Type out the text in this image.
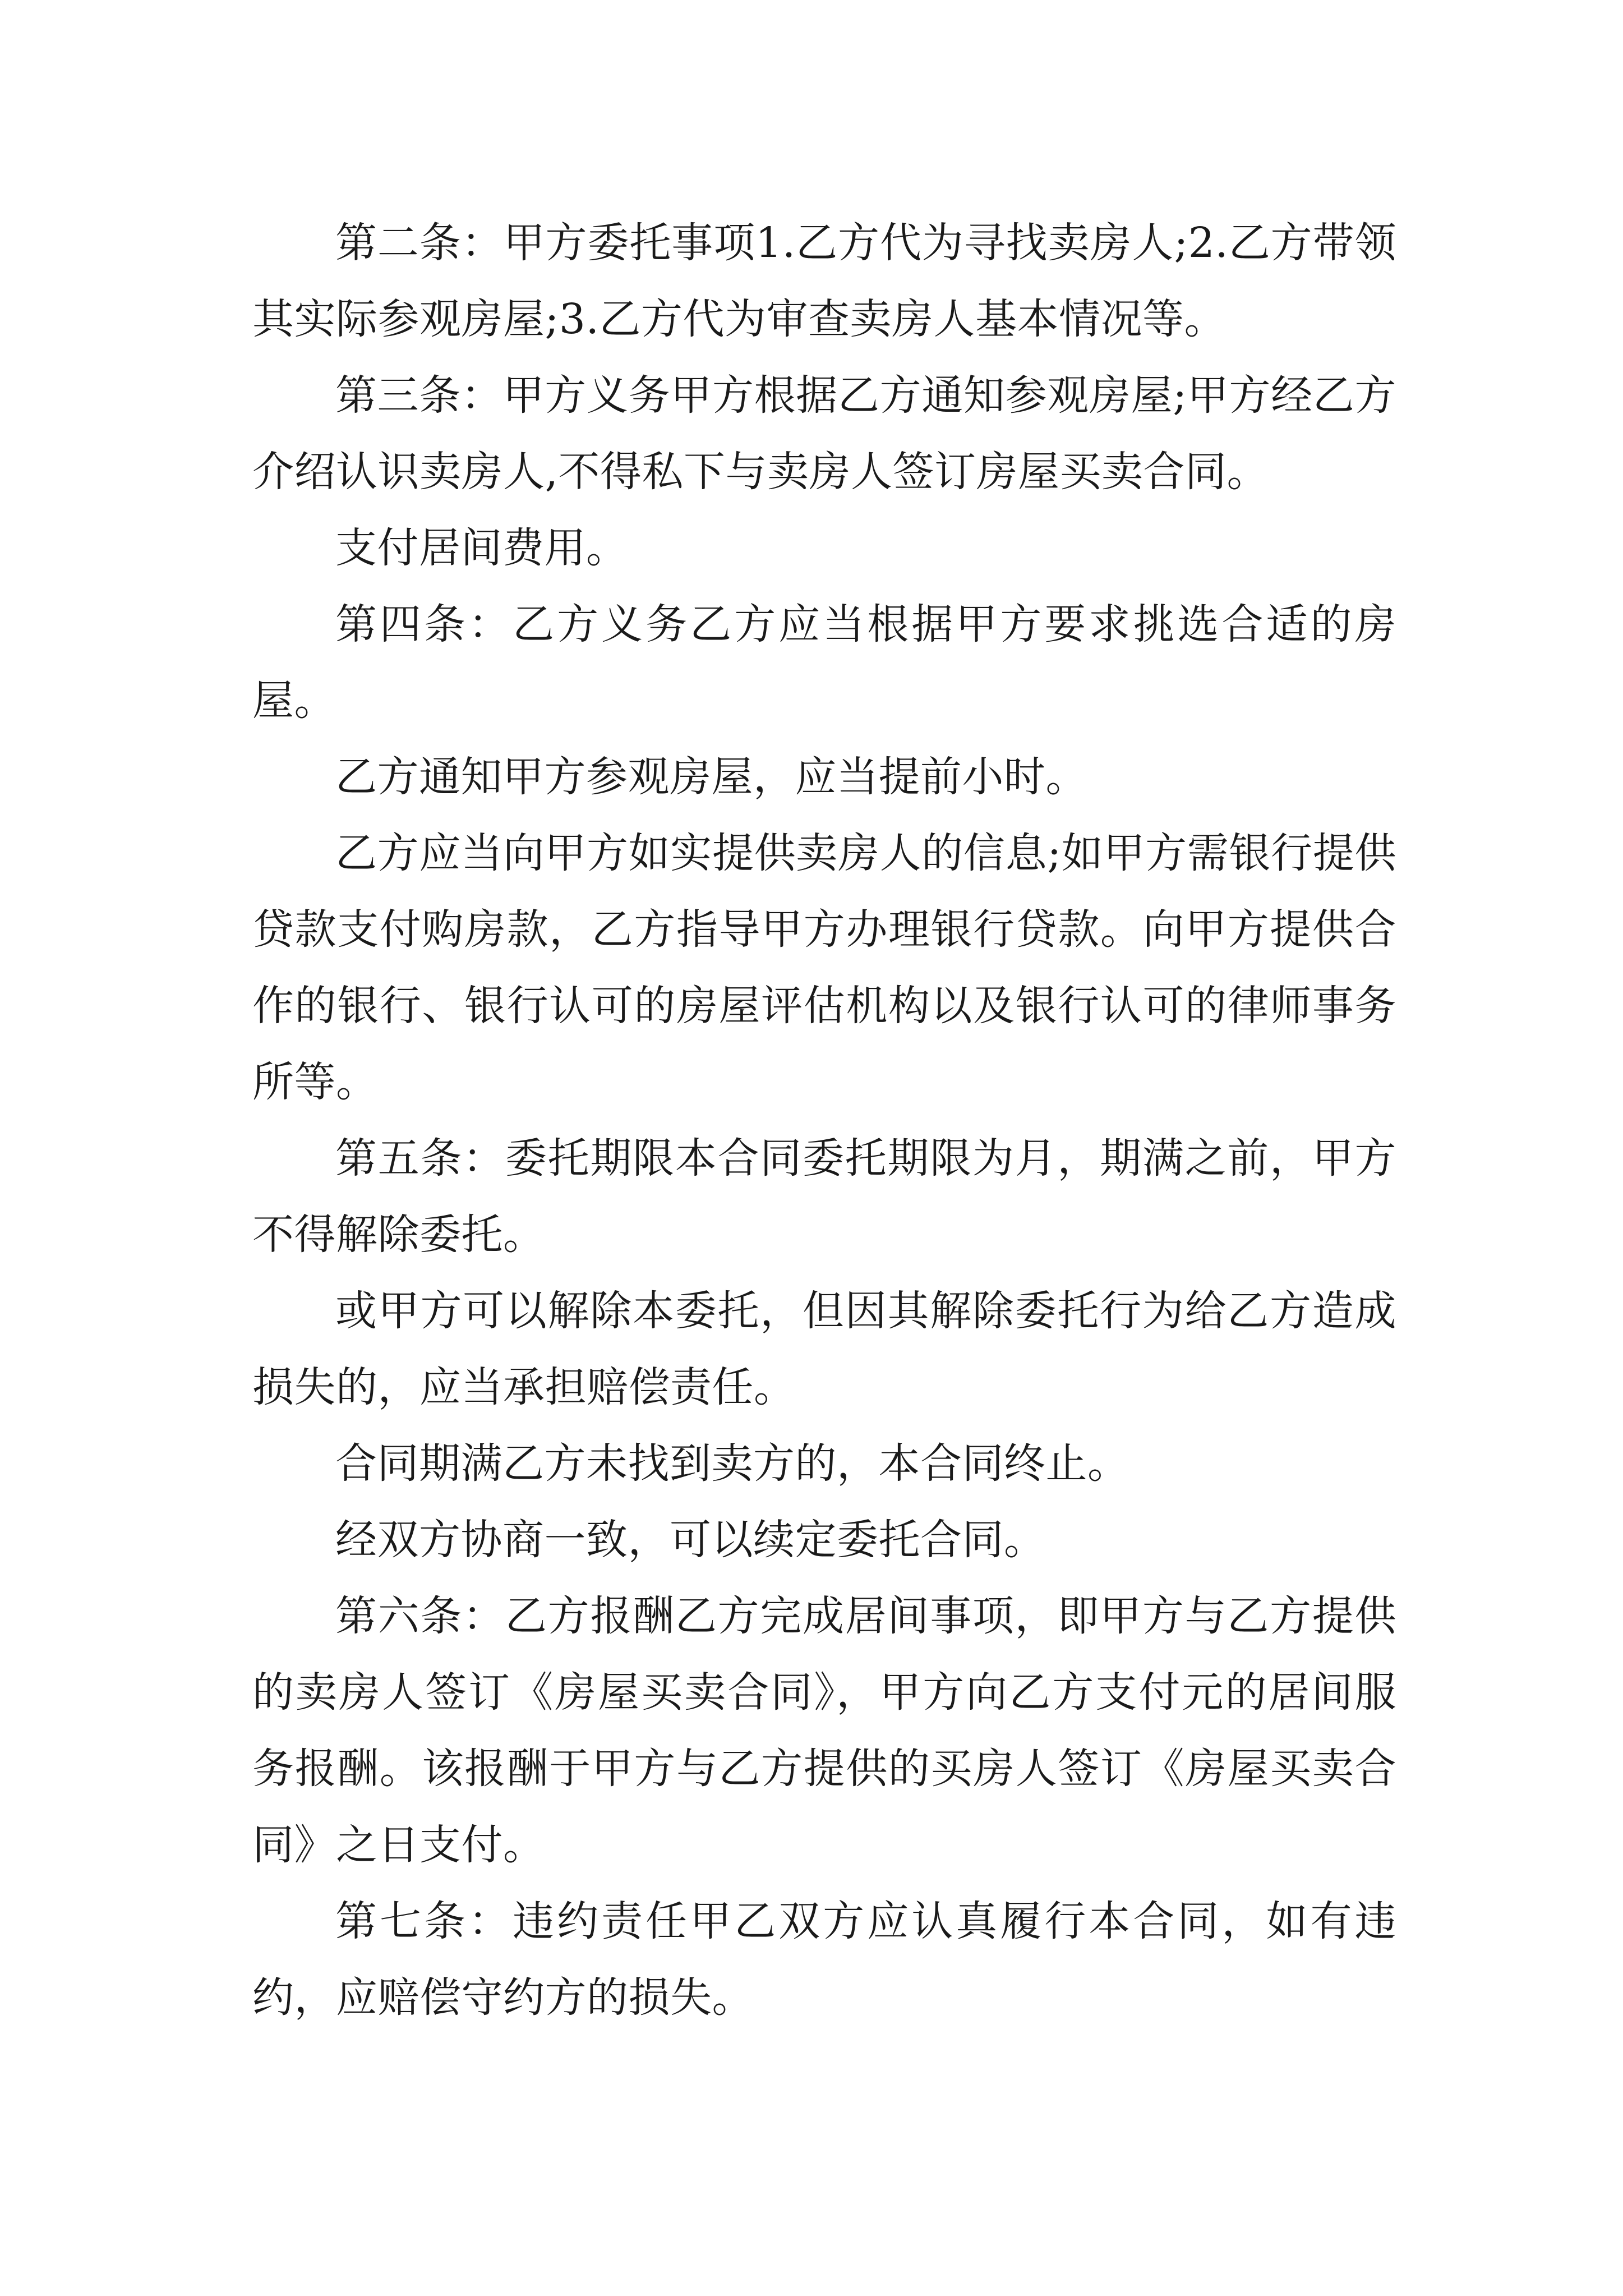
第二条：甲方委托事项1.乙方代为寻找卖房人;2.乙方带领其实际参观房屋;3.乙方代为审查卖房人基本情况等。

第三条：甲方义务甲方根据乙方通知参观房屋;甲方经乙方介绍认识卖房人,不得私下与卖房人签订房屋买卖合同。

支付居间费用。

第四条：乙方义务乙方应当根据甲方要求挑选合适的房屋。

乙方通知甲方参观房屋，应当提前小时。

乙方应当向甲方如实提供卖房人的信息;如甲方需银行提供贷款支付购房款，乙方指导甲方办理银行贷款。向甲方提供合作的银行、银行认可的房屋评估机构以及银行认可的律师事务所等。

第五条：委托期限本合同委托期限为月，期满之前，甲方不得解除委托。

或甲方可以解除本委托，但因其解除委托行为给乙方造成损失的，应当承担赔偿责任。

合同期满乙方未找到卖方的，本合同终止。

经双方协商一致，可以续定委托合同。

第六条：乙方报酬乙方完成居间事项，即甲方与乙方提供的卖房人签订《房屋买卖合同》，甲方向乙方支付元的居间服务报酬。该报酬于甲方与乙方提供的买房人签订《房屋买卖合同》之日支付。

第七条：违约责任甲乙双方应认真履行本合同，如有违约，应赔偿守约方的损失。
